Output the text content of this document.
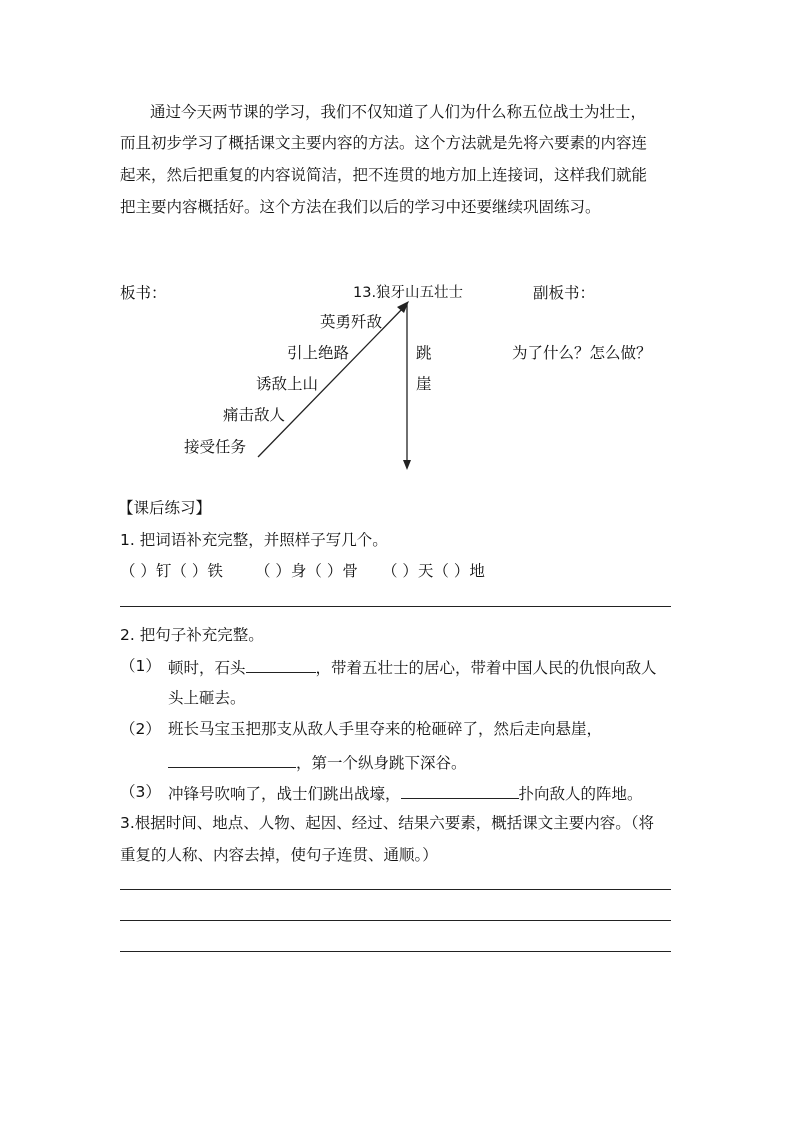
通过今天两节课的学习，我们不仅知道了人们为什么称五位战士为壮士，
而且初步学习了概括课文主要内容的方法。这个方法就是先将六要素的内容连
起来，然后把重复的内容说简洁，把不连贯的地方加上连接词，这样我们就能
把主要内容概括好。这个方法在我们以后的学习中还要继续巩固练习。
板书：	13.狼牙山五壮士	副板书：
英勇歼敌
引上绝路
诱敌上山
痛击敌人
接受任务
跳
崖
为了什么？怎么做？
【课后练习】
1. 把词语补充完整，并照样子写几个。
（ ）钉（ ）铁 （ ）身（ ）骨 （ ）天（ ）地
2. 把句子补充完整。
（1） 顿时，石头	，带着五壮士的居心，带着中国人民的仇恨向敌人
头上砸去。
（2） 班长马宝玉把那支从敌人手里夺来的枪砸碎了，然后走向悬崖，
，第一个纵身跳下深谷。
（3） 冲锋号吹响了，战士们跳出战壕，	扑向敌人的阵地。
3.根据时间、地点、人物、起因、经过、结果六要素，概括课文主要内容。（将
重复的人称、内容去掉，使句子连贯、通顺。）
